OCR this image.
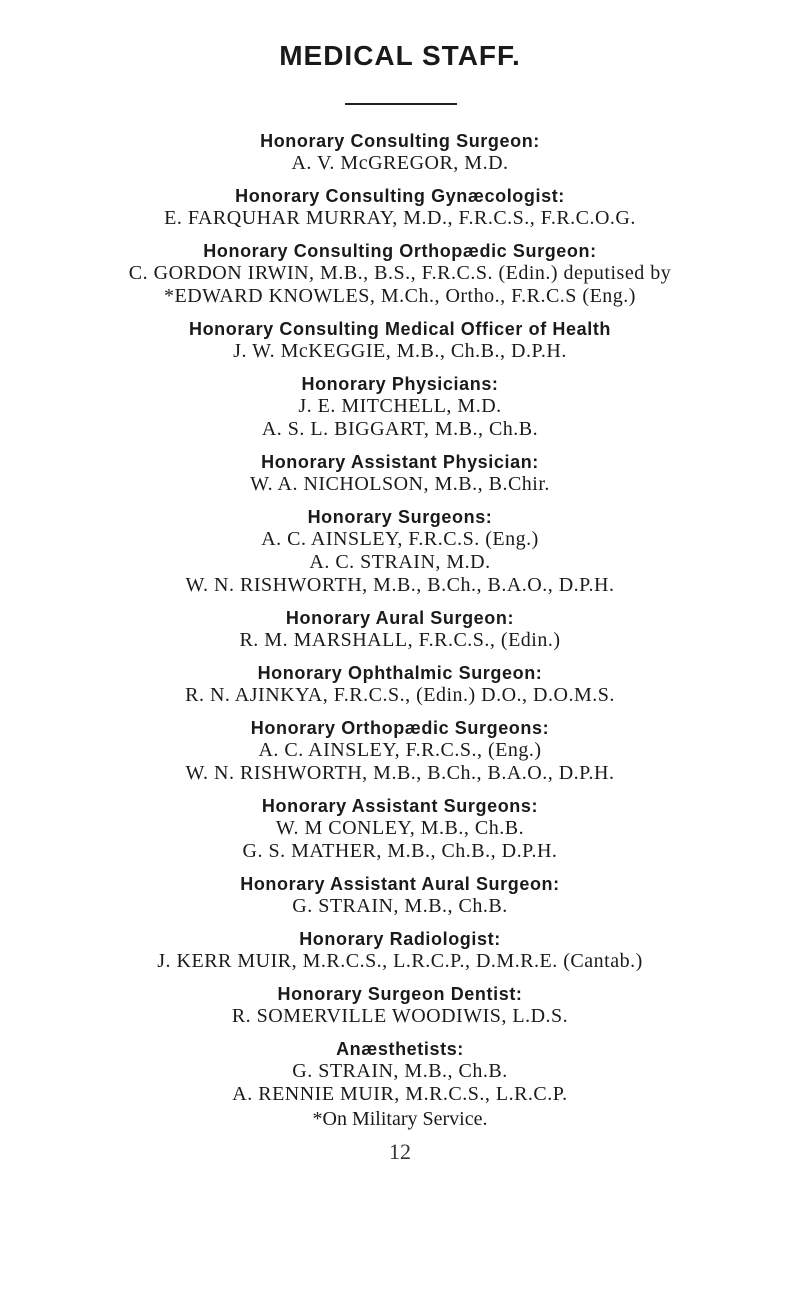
MEDICAL STAFF.
Honorary Consulting Surgeon:
A. V. McGREGOR, M.D.
Honorary Consulting Gynæcologist:
E. FARQUHAR MURRAY, M.D., F.R.C.S., F.R.C.O.G.
Honorary Consulting Orthopædic Surgeon:
C. GORDON IRWIN, M.B., B.S., F.R.C.S. (Edin.) deputised by
*EDWARD KNOWLES, M.Ch., Ortho., F.R.C.S (Eng.)
Honorary Consulting Medical Officer of Health
J. W. McKEGGIE, M.B., Ch.B., D.P.H.
Honorary Physicians:
J. E. MITCHELL, M.D.
A. S. L. BIGGART, M.B., Ch.B.
Honorary Assistant Physician:
W. A. NICHOLSON, M.B., B.Chir.
Honorary Surgeons:
A. C. AINSLEY, F.R.C.S. (Eng.)
A. C. STRAIN, M.D.
W. N. RISHWORTH, M.B., B.Ch., B.A.O., D.P.H.
Honorary Aural Surgeon:
R. M. MARSHALL, F.R.C.S., (Edin.)
Honorary Ophthalmic Surgeon:
R. N. AJINKYA, F.R.C.S., (Edin.) D.O., D.O.M.S.
Honorary Orthopædic Surgeons:
A. C. AINSLEY, F.R.C.S., (Eng.)
W. N. RISHWORTH, M.B., B.Ch., B.A.O., D.P.H.
Honorary Assistant Surgeons:
W. M CONLEY, M.B., Ch.B.
G. S. MATHER, M.B., Ch.B., D.P.H.
Honorary Assistant Aural Surgeon:
G. STRAIN, M.B., Ch.B.
Honorary Radiologist:
J. KERR MUIR, M.R.C.S., L.R.C.P., D.M.R.E. (Cantab.)
Honorary Surgeon Dentist:
R. SOMERVILLE WOODIWIS, L.D.S.
Anæsthetists:
G. STRAIN, M.B., Ch.B.
A. RENNIE MUIR, M.R.C.S., L.R.C.P.
*On Military Service.
12
